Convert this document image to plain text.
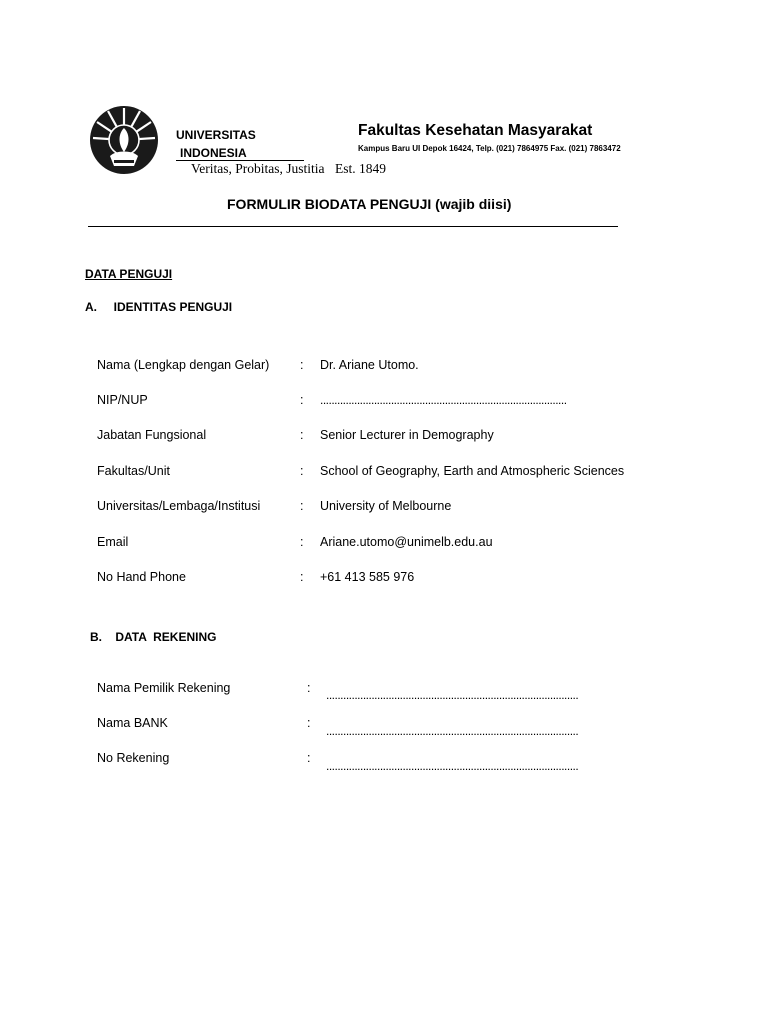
UNIVERSITAS
INDONESIA
Veritas, Probitas, Justitia Est. 1849
Fakultas Kesehatan Masyarakat
Kampus Baru UI Depok 16424, Telp. (021) 7864975 Fax. (021) 7863472
FORMULIR BIODATA PENGUJI (wajib diisi)
DATA PENGUJI
A.     IDENTITAS PENGUJI
Nama (Lengkap dengan Gelar) : Dr. Ariane Utomo.
NIP/NUP	: .......................................................................................
Jabatan Fungsional	: Senior Lecturer in Demography
Fakultas/Unit	: School of Geography, Earth and Atmospheric Sciences
Universitas/Lembaga/Institusi	: University of Melbourne
Email	: Ariane.utomo@unimelb.edu.au
No Hand Phone	: +61 413 585 976
B.    DATA  REKENING
Nama Pemilik Rekening	: .........................................................................................
Nama BANK	:
.........................................................................................
No Rekening	:
.........................................................................................
